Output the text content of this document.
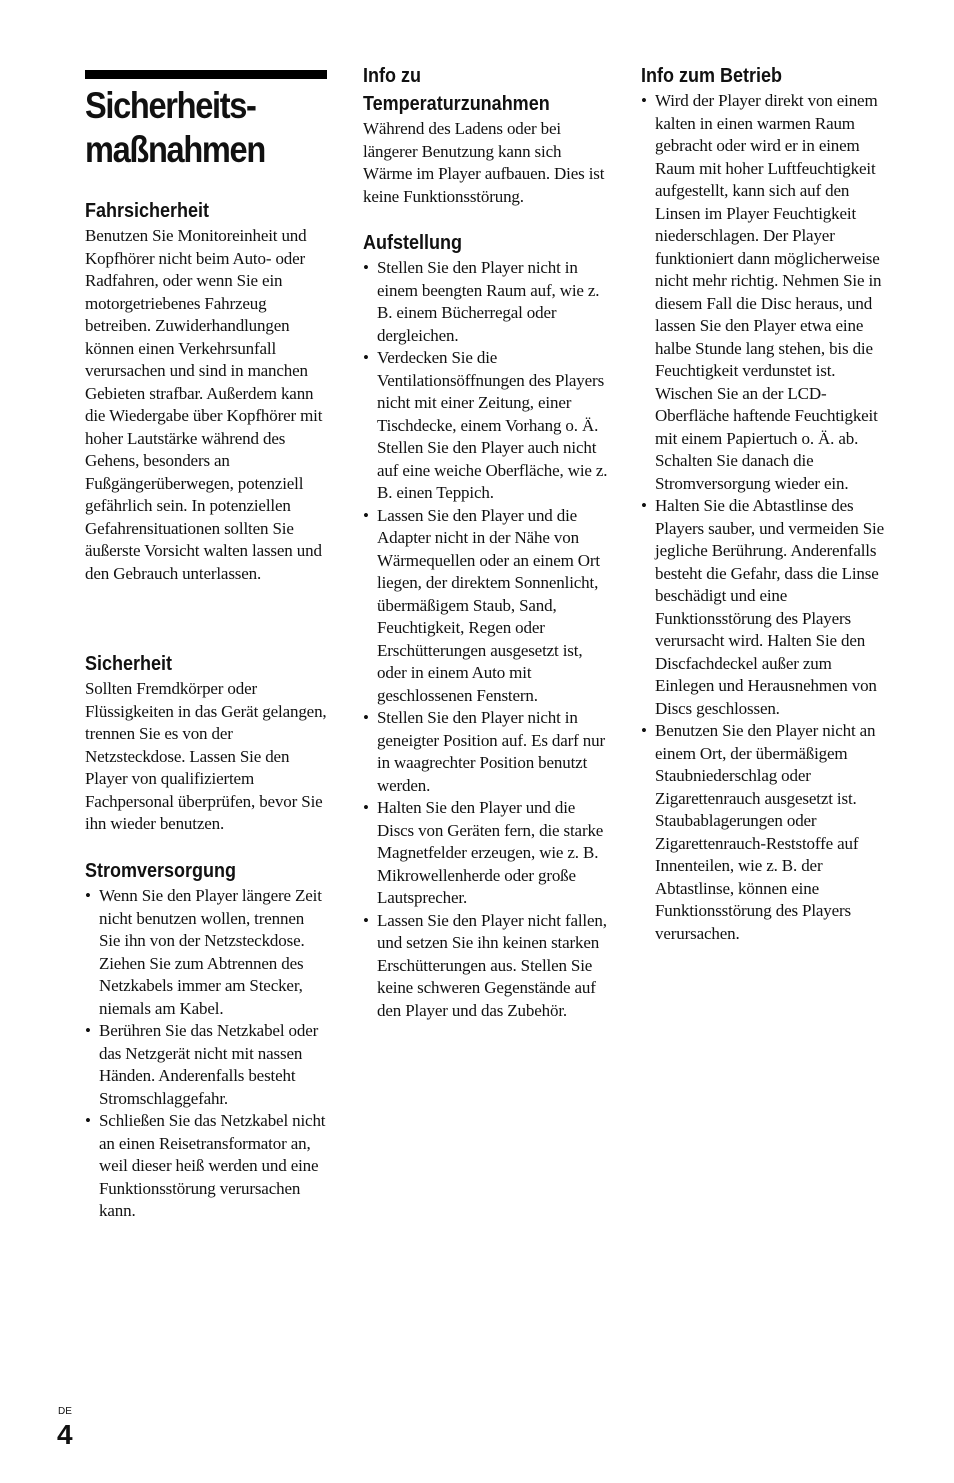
Sicherheits-
maßnahmen
Fahrsicherheit

Benutzen Sie Monitoreinheit und Kopfhörer nicht beim Auto- oder Radfahren, oder wenn Sie ein motorgetriebenes Fahrzeug betreiben. Zuwiderhandlungen können einen Verkehrsunfall verursachen und sind in manchen Gebieten strafbar. Außerdem kann die Wiedergabe über Kopfhörer mit hoher Lautstärke während des Gehens, besonders an Fußgängerüberwegen, potenziell gefährlich sein. In potenziellen Gefahrensituationen sollten Sie äußerste Vorsicht walten lassen und den Gebrauch unterlassen.

Sicherheit

Sollten Fremdkörper oder Flüssigkeiten in das Gerät gelangen, trennen Sie es von der Netzsteckdose. Lassen Sie den Player von qualifiziertem Fachpersonal überprüfen, bevor Sie ihn wieder benutzen.

Stromversorgung
• Wenn Sie den Player längere Zeit nicht benutzen wollen, trennen Sie ihn von der Netzsteckdose. Ziehen Sie zum Abtrennen des Netzkabels immer am Stecker, niemals am Kabel.
• Berühren Sie das Netzkabel oder das Netzgerät nicht mit nassen Händen. Anderenfalls besteht Stromschlaggefahr.
• Schließen Sie das Netzkabel nicht an einen Reisetransformator an, weil dieser heiß werden und eine Funktionsstörung verursachen kann.
Info zu
Temperaturzunahmen

Während des Ladens oder bei längerer Benutzung kann sich Wärme im Player aufbauen. Dies ist keine Funktionsstörung.

Aufstellung
• Stellen Sie den Player nicht in einem beengten Raum auf, wie z. B. einem Bücherregal oder dergleichen.
• Verdecken Sie die Ventilationsöffnungen des Players nicht mit einer Zeitung, einer Tischdecke, einem Vorhang o. Ä. Stellen Sie den Player auch nicht auf eine weiche Oberfläche, wie z. B. einen Teppich.
• Lassen Sie den Player und die Adapter nicht in der Nähe von Wärmequellen oder an einem Ort liegen, der direktem Sonnenlicht, übermäßigem Staub, Sand, Feuchtigkeit, Regen oder Erschütterungen ausgesetzt ist, oder in einem Auto mit geschlossenen Fenstern.
• Stellen Sie den Player nicht in geneigter Position auf. Es darf nur in waagrechter Position benutzt werden.
• Halten Sie den Player und die Discs von Geräten fern, die starke Magnetfelder erzeugen, wie z. B. Mikrowellenherde oder große Lautsprecher.
• Lassen Sie den Player nicht fallen, und setzen Sie ihn keinen starken Erschütterungen aus. Stellen Sie keine schweren Gegenstände auf den Player und das Zubehör.
Info zum Betrieb
• Wird der Player direkt von einem kalten in einen warmen Raum gebracht oder wird er in einem Raum mit hoher Luftfeuchtigkeit aufgestellt, kann sich auf den Linsen im Player Feuchtigkeit niederschlagen. Der Player funktioniert dann möglicherweise nicht mehr richtig. Nehmen Sie in diesem Fall die Disc heraus, und lassen Sie den Player etwa eine halbe Stunde lang stehen, bis die Feuchtigkeit verdunstet ist. Wischen Sie an der LCD-Oberfläche haftende Feuchtigkeit mit einem Papiertuch o. Ä. ab. Schalten Sie danach die Stromversorgung wieder ein.
• Halten Sie die Abtastlinse des Players sauber, und vermeiden Sie jegliche Berührung. Anderenfalls besteht die Gefahr, dass die Linse beschädigt und eine Funktionsstörung des Players verursacht wird. Halten Sie den Discfachdeckel außer zum Einlegen und Herausnehmen von Discs geschlossen.
• Benutzen Sie den Player nicht an einem Ort, der übermäßigem Staubniederschlag oder Zigarettenrauch ausgesetzt ist. Staubablagerungen oder Zigarettenrauch-Reststoffe auf Innenteilen, wie z. B. der Abtastlinse, können eine Funktionsstörung des Players verursachen.
DE
4
